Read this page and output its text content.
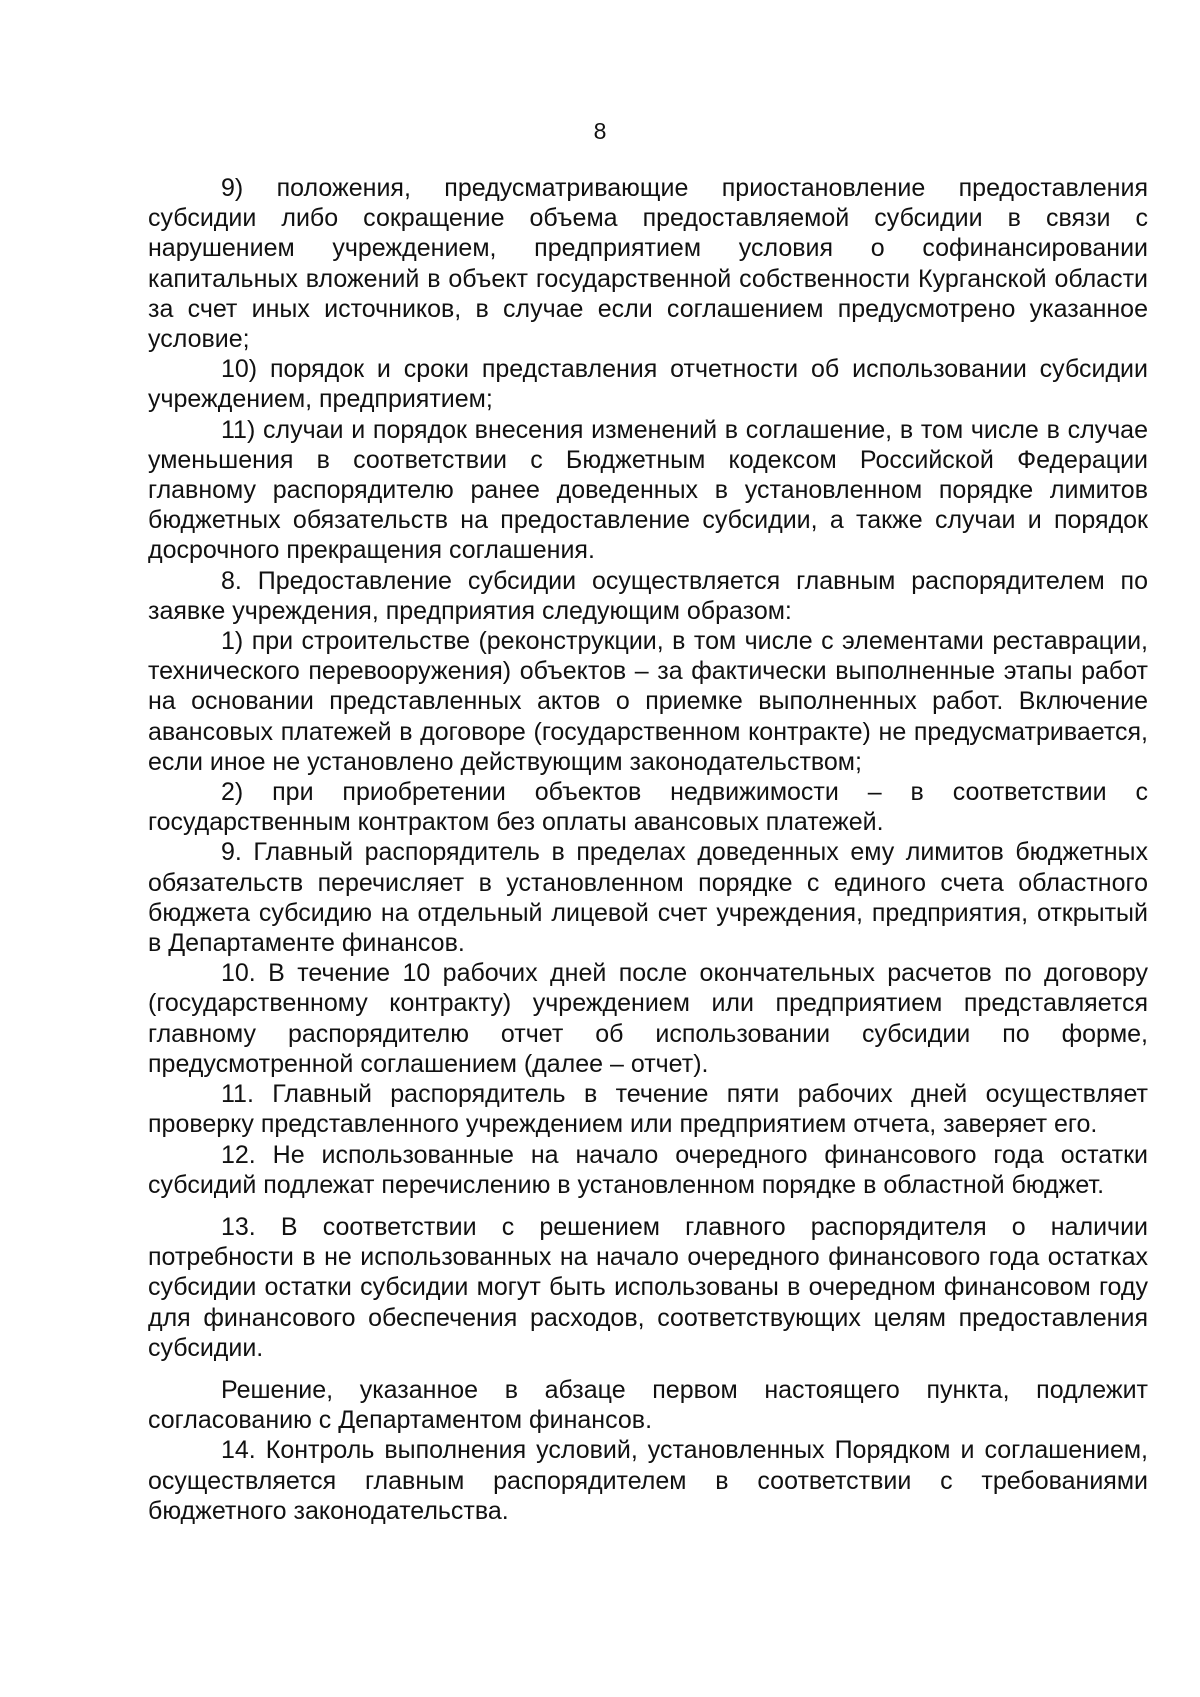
8

9) положения, предусматривающие приостановление предоставления субсидии либо сокращение объема предоставляемой субсидии в связи с нарушением учреждением, предприятием условия о софинансировании капитальных вложений в объект государственной собственности Курганской области за счет иных источников, в случае если соглашением предусмотрено указанное условие;

10) порядок и сроки представления отчетности об использовании субсидии учреждением, предприятием;

11) случаи и порядок внесения изменений в соглашение, в том числе в случае уменьшения в соответствии с Бюджетным кодексом Российской Федерации главному распорядителю ранее доведенных в установленном порядке лимитов бюджетных обязательств на предоставление субсидии, а также случаи и порядок досрочного прекращения соглашения.

8. Предоставление субсидии осуществляется главным распорядителем по заявке учреждения, предприятия следующим образом:

1) при строительстве (реконструкции, в том числе с элементами реставрации, технического перевооружения) объектов – за фактически выполненные этапы работ на основании представленных актов о приемке выполненных работ. Включение авансовых платежей в договоре (государственном контракте) не предусматривается, если иное не установлено действующим законодательством;

2) при приобретении объектов недвижимости – в соответствии с государственным контрактом без оплаты авансовых платежей.

9. Главный распорядитель в пределах доведенных ему лимитов бюджетных обязательств перечисляет в установленном порядке с единого счета областного бюджета субсидию на отдельный лицевой счет учреждения, предприятия, открытый в Департаменте финансов.

10. В течение 10 рабочих дней после окончательных расчетов по договору (государственному контракту) учреждением или предприятием представляется главному распорядителю отчет об использовании субсидии по форме, предусмотренной соглашением (далее – отчет).

11. Главный распорядитель в течение пяти рабочих дней осуществляет проверку представленного учреждением или предприятием отчета, заверяет его.

12. Не использованные на начало очередного финансового года остатки субсидий подлежат перечислению в установленном порядке в областной бюджет.

13. В соответствии с решением главного распорядителя о наличии потребности в не использованных на начало очередного финансового года остатках субсидии остатки субсидии могут быть использованы в очередном финансовом году для финансового обеспечения расходов, соответствующих целям предоставления субсидии.

Решение, указанное в абзаце первом настоящего пункта, подлежит согласованию с Департаментом финансов.

14. Контроль выполнения условий, установленных Порядком и соглашением, осуществляется главным распорядителем в соответствии с требованиями бюджетного законодательства.
